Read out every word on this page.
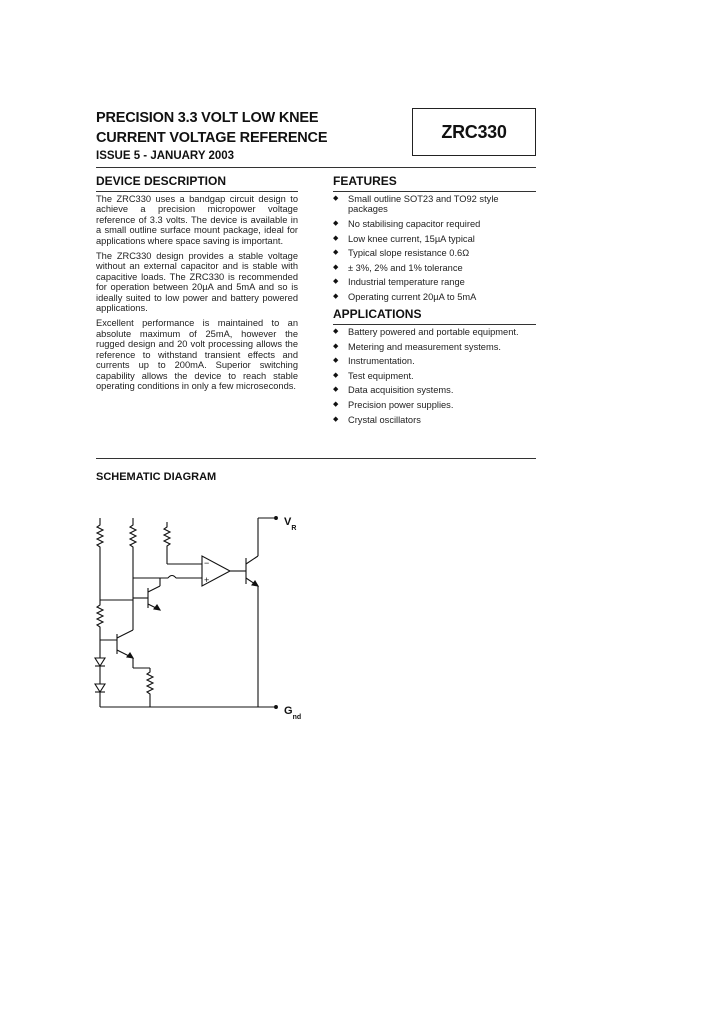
PRECISION 3.3 VOLT LOW KNEE
CURRENT VOLTAGE REFERENCE
ISSUE 5 - JANUARY 2003
ZRC330
DEVICE DESCRIPTION

The ZRC330 uses a bandgap circuit design to achieve a precision micropower voltage reference of 3.3 volts. The device is available in a small outline surface mount package, ideal for applications where space saving is important.

The ZRC330 design provides a stable voltage without an external capacitor and is stable with capacitive loads. The ZRC330 is recommended for operation between 20µA and 5mA and so is ideally suited to low power and battery powered applications.

Excellent performance is maintained to an absolute maximum of 25mA, however the rugged design and 20 volt processing allows the reference to withstand transient effects and currents up to 200mA. Superior switching capability allows the device to reach stable operating conditions in only a few microseconds.

FEATURES
◆ Small outline SOT23 and TO92 style packages
◆ No stabilising capacitor required
◆ Low knee current, 15µA typical
◆ Typical slope resistance 0.6Ω
◆ ± 3%, 2% and 1% tolerance
◆ Industrial temperature range
◆ Operating current 20µA to 5mA
APPLICATIONS
◆ Battery powered and portable equipment.
◆ Metering and measurement systems.
◆ Instrumentation.
◆ Test equipment.
◆ Data acquisition systems.
◆ Precision power supplies.
◆ Crystal oscillators
SCHEMATIC DIAGRAM
−
+
$V_R$
$G_{nd}$
